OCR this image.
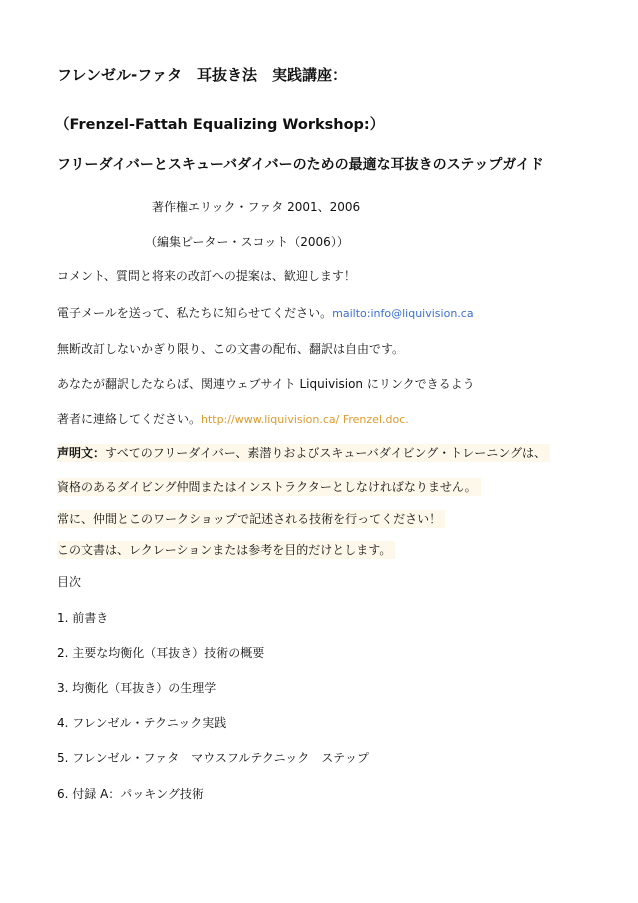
フレンゼル-ファタ　耳抜き法　実践講座：
（Frenzel-Fattah Equalizing Workshop:）
フリーダイバーとスキューバダイバーのための最適な耳抜きのステップガイド
著作権エリック・ファタ 2001、2006
（編集ピーター・スコット（2006））
コメント、質問と将来の改訂への提案は、歓迎します！
電子メールを送って、私たちに知らせてください。mailto:info@liquivision.ca
無断改訂しないかぎり限り、この文書の配布、翻訳は自由です。
あなたが翻訳したならば、関連ウェブサイト Liquivision にリンクできるよう
著者に連絡してください。http://www.liquivision.ca/ Frenzel.doc.
声明文：すべてのフリーダイバー、素潜りおよびスキューバダイビング・トレーニングは、
資格のあるダイビング仲間またはインストラクターとしなければなりません。
常に、仲間とこのワークショップで記述される技術を行ってください！
この文書は、レクレーションまたは参考を目的だけとします。
目次
1. 前書き
2. 主要な均衡化（耳抜き）技術の概要
3. 均衡化（耳抜き）の生理学
4. フレンゼル・テクニック実践
5. フレンゼル・ファタ　マウスフルテクニック　ステップ
6. 付録 A：パッキング技術
